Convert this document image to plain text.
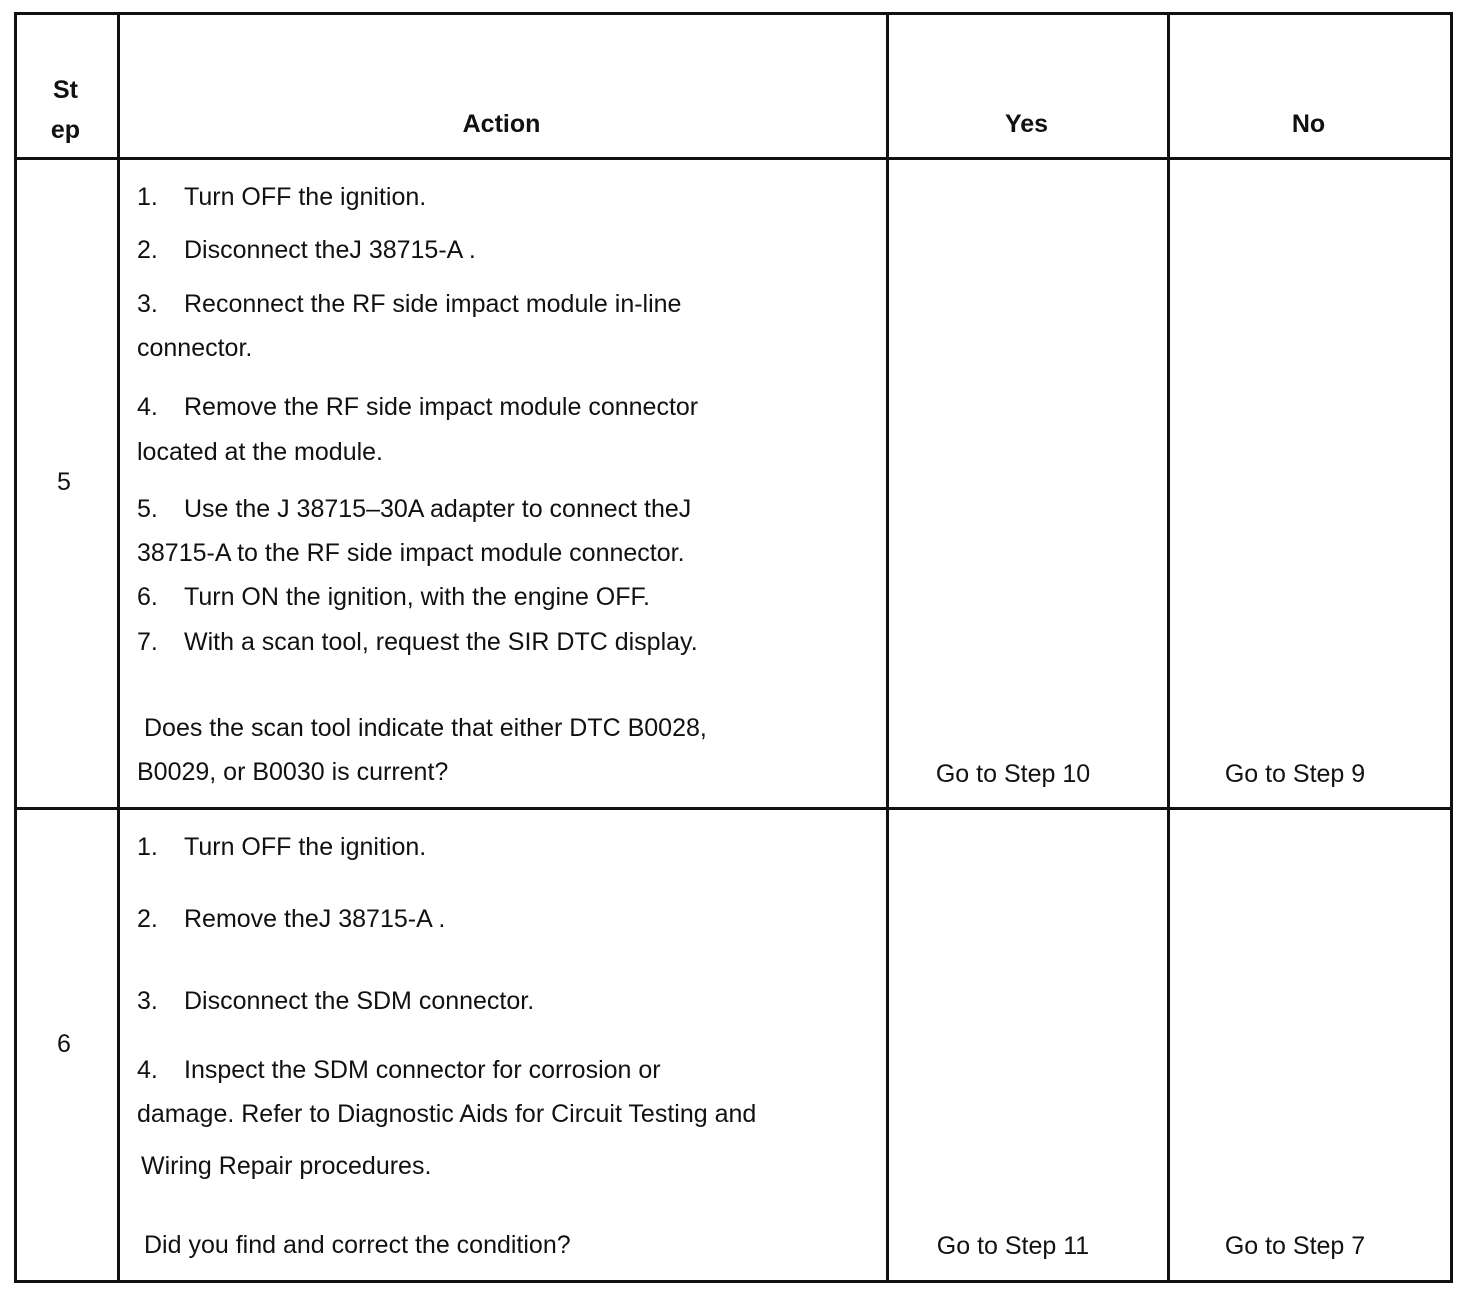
St
ep	Action	Yes	No
5
1. Turn OFF the ignition.
2. Disconnect theJ 38715-A .
3. Reconnect the RF side impact module in-line
connector.
4. Remove the RF side impact module connector
located at the module.
5. Use the J 38715–30A adapter to connect theJ
38715-A to the RF side impact module connector.
6. Turn ON the ignition, with the engine OFF.
7. With a scan tool, request the SIR DTC display.
Does the scan tool indicate that either DTC B0028,
B0029, or B0030 is current?	Go to Step 10	Go to Step 9
6
1. Turn OFF the ignition.
2. Remove theJ 38715-A .
3. Disconnect the SDM connector.
4. Inspect the SDM connector for corrosion or
damage. Refer to Diagnostic Aids for Circuit Testing and
Wiring Repair procedures.
Did you find and correct the condition?	Go to Step 11	Go to Step 7
